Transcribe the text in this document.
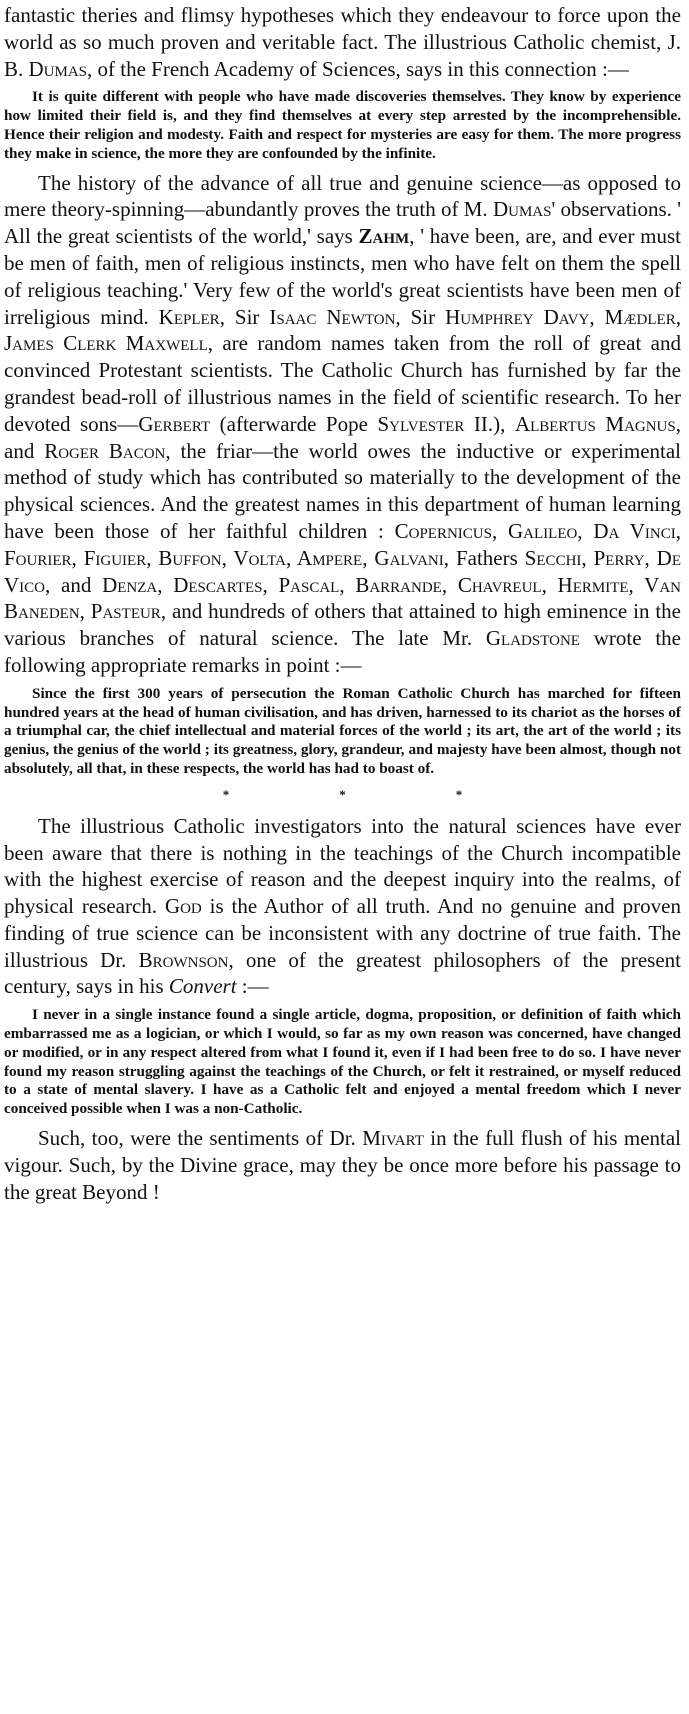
fantastic theries and flimsy hypotheses which they endeavour to force upon the world as so much proven and veritable fact. The illustrious Catholic chemist, J. B. Dumas, of the French Academy of Sciences, says in this connection :—

It is quite different with people who have made discoveries themselves. They know by experience how limited their field is, and they find themselves at every step arrested by the incomprehensible. Hence their religion and modesty. Faith and respect for mysteries are easy for them. The more progress they make in science, the more they are confounded by the infinite.

The history of the advance of all true and genuine science—as opposed to mere theory-spinning—abundantly proves the truth of M. Dumas' observations. ' All the great scientists of the world,' says Zahm, ' have been, are, and ever must be men of faith, men of religious instincts, men who have felt on them the spell of religious teaching.' Very few of the world's great scientists have been men of irreligious mind. Kepler, Sir Isaac Newton, Sir Humphrey Davy, Mædler, James Clerk Maxwell, are random names taken from the roll of great and convinced Protestant scientists. The Catholic Church has furnished by far the grandest bead-roll of illustrious names in the field of scientific research. To her devoted sons—Gerbert (afterwarde Pope Sylvester II.), Albertus Magnus, and Roger Bacon, the friar—the world owes the inductive or experimental method of study which has contributed so materially to the development of the physical sciences. And the greatest names in this department of human learning have been those of her faithful children : Copernicus, Galileo, Da Vinci, Fourier, Figuier, Buffon, Volta, Ampere, Galvani, Fathers Secchi, Perry, De Vico, and Denza, Descartes, Pascal, Barrande, Chavreul, Hermite, Van Baneden, Pasteur, and hundreds of others that attained to high eminence in the various branches of natural science. The late Mr. Gladstone wrote the following appropriate remarks in point :—

Since the first 300 years of persecution the Roman Catholic Church has marched for fifteen hundred years at the head of human civilisation, and has driven, harnessed to its chariot as the horses of a triumphal car, the chief intellectual and material forces of the world ; its art, the art of the world ; its genius, the genius of the world ; its greatness, glory, grandeur, and majesty have been almost, though not absolutely, all that, in these respects, the world has had to boast of.
*	*	*

The illustrious Catholic investigators into the natural sciences have ever been aware that there is nothing in the teachings of the Church incompatible with the highest exercise of reason and the deepest inquiry into the realms, of physical research. God is the Author of all truth. And no genuine and proven finding of true science can be inconsistent with any doctrine of true faith. The illustrious Dr. Brownson, one of the greatest philosophers of the present century, says in his Convert :—

I never in a single instance found a single article, dogma, proposition, or definition of faith which embarrassed me as a logician, or which I would, so far as my own reason was concerned, have changed or modified, or in any respect altered from what I found it, even if I had been free to do so. I have never found my reason struggling against the teachings of the Church, or felt it restrained, or myself reduced to a state of mental slavery. I have as a Catholic felt and enjoyed a mental freedom which I never conceived possible when I was a non-Catholic.

Such, too, were the sentiments of Dr. Mivart in the full flush of his mental vigour. Such, by the Divine grace, may they be once more before his passage to the great Beyond !
